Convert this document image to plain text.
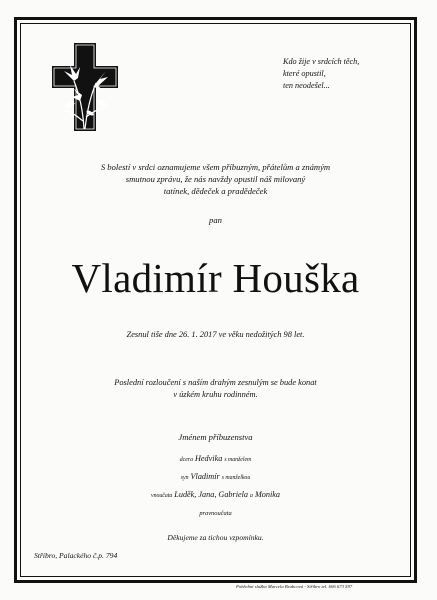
Kdo žije v srdcích těch,
které opustil,
ten neodešel...
S bolestí v srdci oznamujeme všem příbuzným, přátelům a známým
smutnou zprávu, že nás navždy opustil náš milovaný
tatínek, dědeček a pradědeček
pan
Vladimír Houška
Zesnul tiše dne 26. 1. 2017 ve věku nedožitých 98 let.
Poslední rozloučení s naším drahým zesnulým se bude konat
v úzkém kruhu rodinném.
Jménem příbuzenstva
dcera Hedvika s manželem
syn Vladimír s manželkou
vnoučata Luděk, Jana, Gabriela a Monika
pravnoučata
Děkujeme za tichou vzpomínku.
Stříbro, Palackého č.p. 794
Pohřební služba Marcela Brabcová - Stříbro tel. 606 673 597
